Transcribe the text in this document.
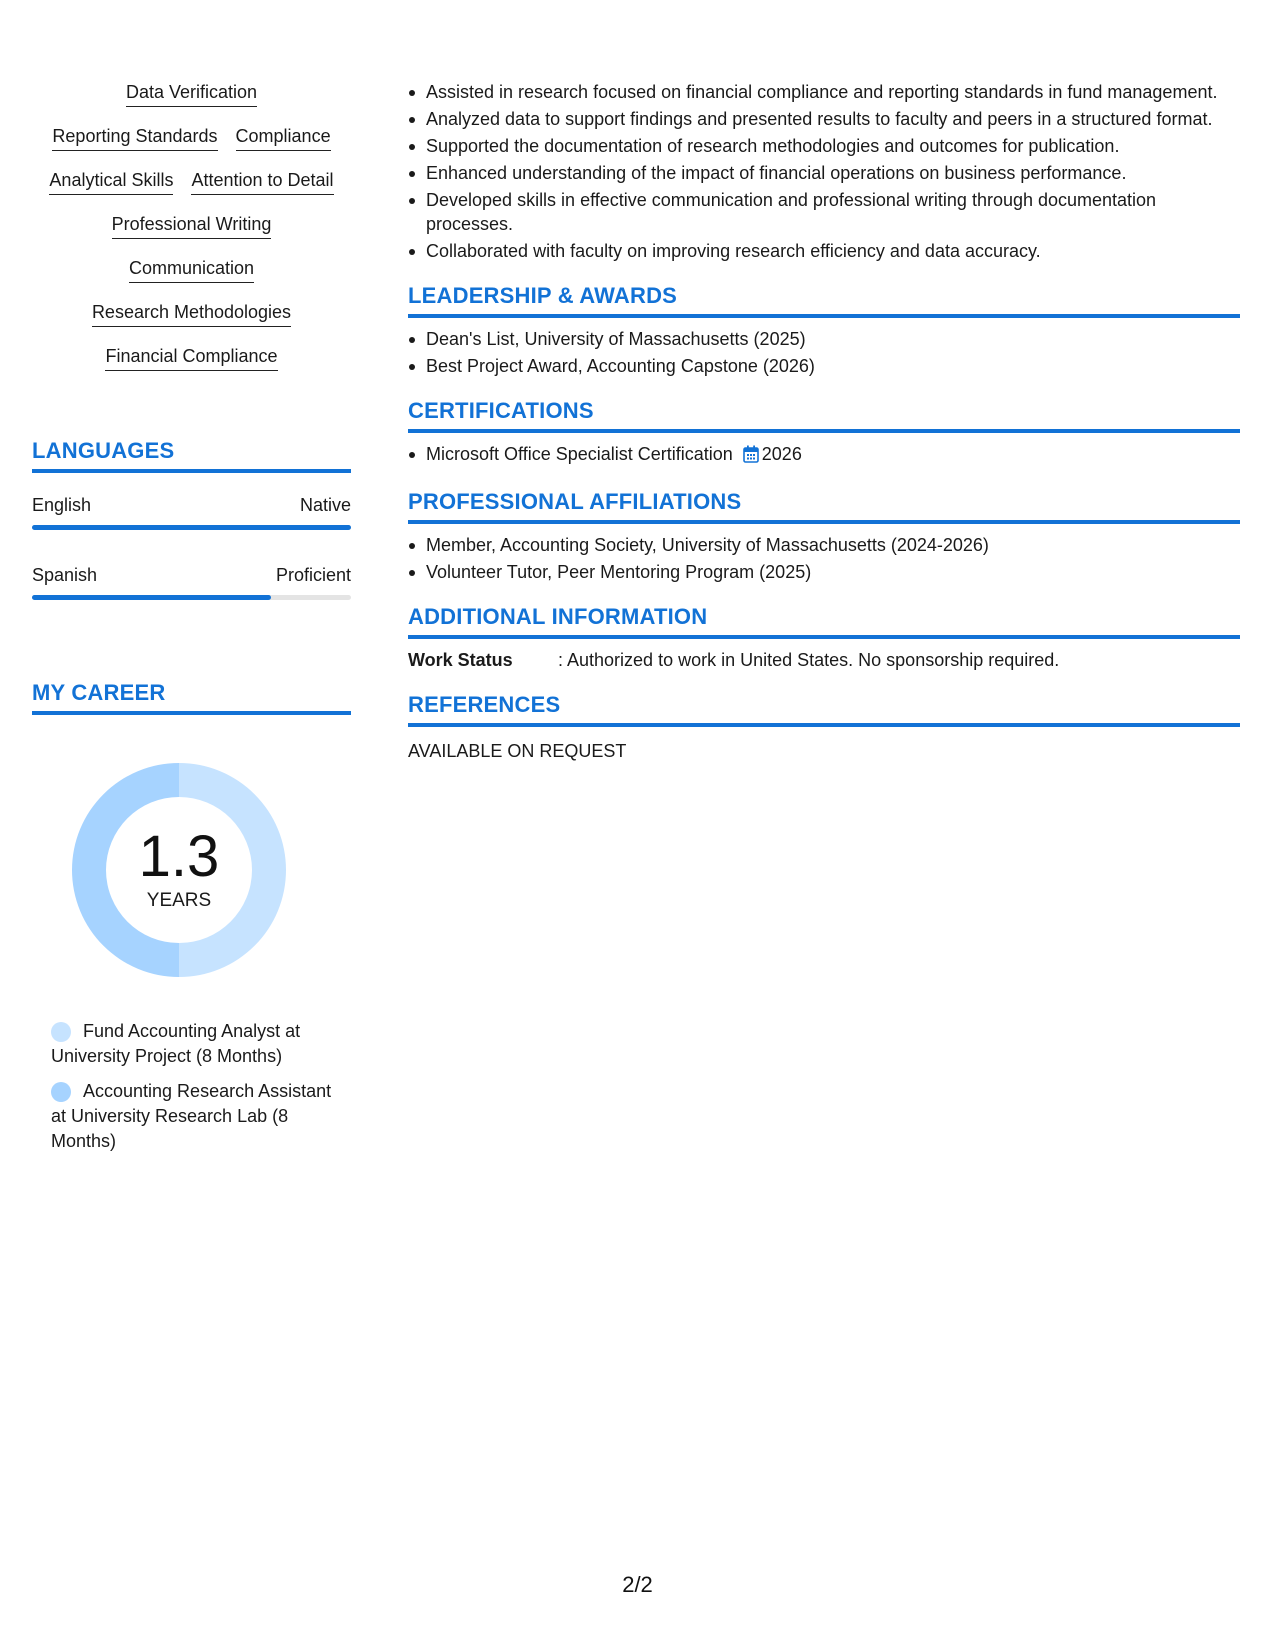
Data Verification
Reporting Standards Compliance
Analytical Skills Attention to Detail
Professional Writing
Communication
Research Methodologies
Financial Compliance
LANGUAGES
English	Native
Spanish	Proficient
MY CAREER
1.3
YEARS
Fund Accounting Analyst at University Project (8 Months)
Accounting Research Assistant at University Research Lab (8 Months)
Assisted in research focused on financial compliance and reporting standards in fund management.
Analyzed data to support findings and presented results to faculty and peers in a structured format.
Supported the documentation of research methodologies and outcomes for publication.
Enhanced understanding of the impact of financial operations on business performance.
Developed skills in effective communication and professional writing through documentation processes.
Collaborated with faculty on improving research efficiency and data accuracy.
LEADERSHIP & AWARDS
Dean's List, University of Massachusetts (2025)
Best Project Award, Accounting Capstone (2026)
CERTIFICATIONS
Microsoft Office Specialist Certification 2026
PROFESSIONAL AFFILIATIONS
Member, Accounting Society, University of Massachusetts (2024-2026)
Volunteer Tutor, Peer Mentoring Program (2025)
ADDITIONAL INFORMATION
Work Status	: Authorized to work in United States. No sponsorship required.
REFERENCES
AVAILABLE ON REQUEST
2/2
